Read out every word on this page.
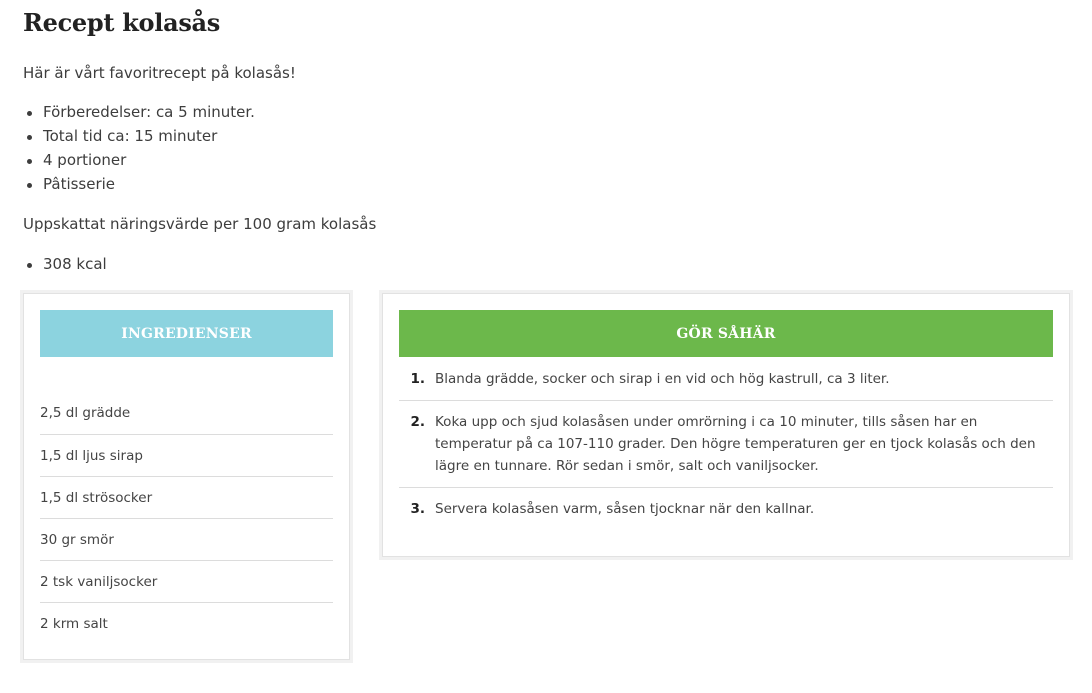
Recept kolasås

Här är vårt favoritrecept på kolasås!

Förberedelser: ca 5 minuter.
Total tid ca: 15 minuter
4 portioner
Pâtisserie

Uppskattat näringsvärde per 100 gram kolasås

308 kcal
INGREDIENSER
2,5 dl grädde
1,5 dl ljus sirap
1,5 dl strösocker
30 gr smör
2 tsk vaniljsocker
2 krm salt
GÖR SÅHÄR
1. Blanda grädde, socker och sirap i en vid och hög kastrull, ca 3 liter.
2. Koka upp och sjud kolasåsen under omrörning i ca 10 minuter, tills såsen har en temperatur på ca 107-110 grader. Den högre temperaturen ger en tjock kolasås och den lägre en tunnare. Rör sedan i smör, salt och vaniljsocker.
3. Servera kolasåsen varm, såsen tjocknar när den kallnar.
